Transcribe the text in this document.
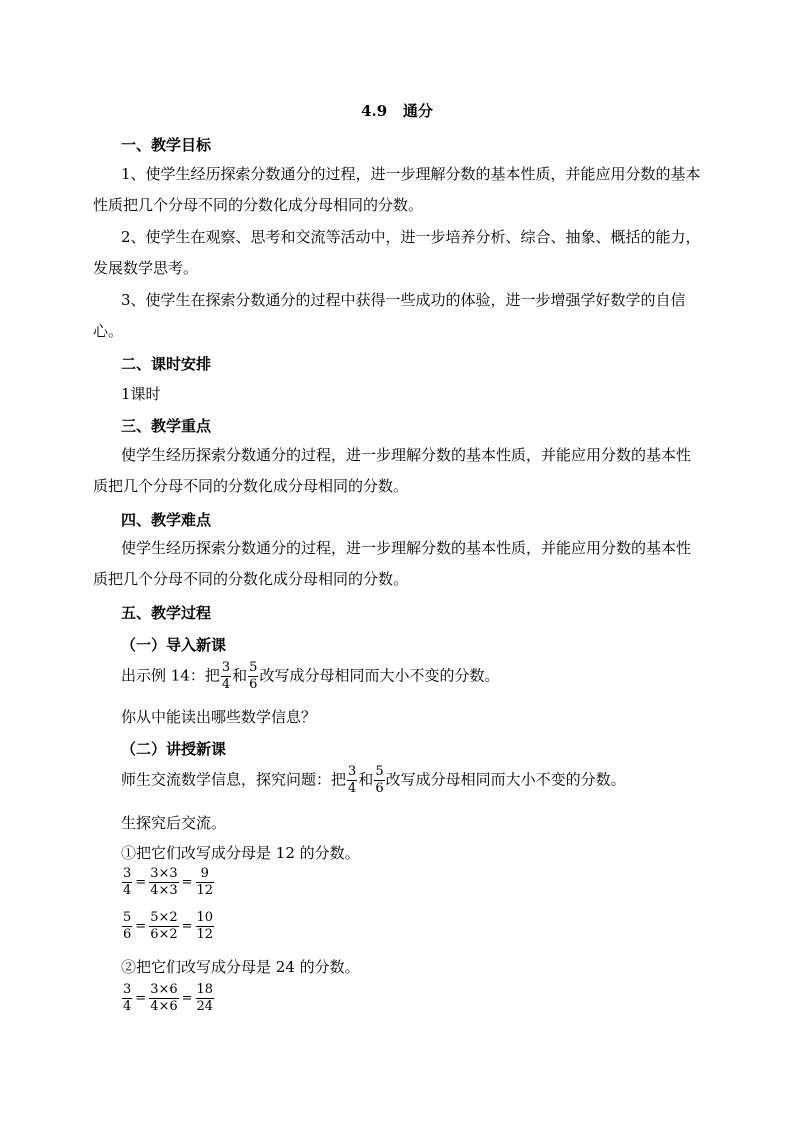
4.9 通分
一、教学目标
1、使学生经历探索分数通分的过程，进一步理解分数的基本性质，并能应用分数的基本性质把几个分母不同的分数化成分母相同的分数。
2、使学生在观察、思考和交流等活动中，进一步培养分析、综合、抽象、概括的能力，发展数学思考。
3、使学生在探索分数通分的过程中获得一些成功的体验，进一步增强学好数学的自信心。
二、课时安排
1课时
三、教学重点
使学生经历探索分数通分的过程，进一步理解分数的基本性质，并能应用分数的基本性质把几个分母不同的分数化成分母相同的分数。
四、教学难点
使学生经历探索分数通分的过程，进一步理解分数的基本性质，并能应用分数的基本性质把几个分母不同的分数化成分母相同的分数。
五、教学过程
（一）导入新课
出示例 14：把 $\frac{3}{4}$ 和 $\frac{5}{6}$ 改写成分母相同而大小不变的分数。
你从中能读出哪些数学信息？
（二）讲授新课
师生交流数学信息，探究问题：把 $\frac{3}{4}$ 和 $\frac{5}{6}$ 改写成分母相同而大小不变的分数。
生探究后交流。
①把它们改写成分母是 12 的分数。
$\frac{3}{4} = \frac{3\times 3}{4\times 3} = \frac{9}{12}$
$\frac{5}{6} = \frac{5\times 2}{6\times 2} = \frac{10}{12}$
②把它们改写成分母是 24 的分数。
$\frac{3}{4} = \frac{3\times 6}{4\times 6} = \frac{18}{24}$
